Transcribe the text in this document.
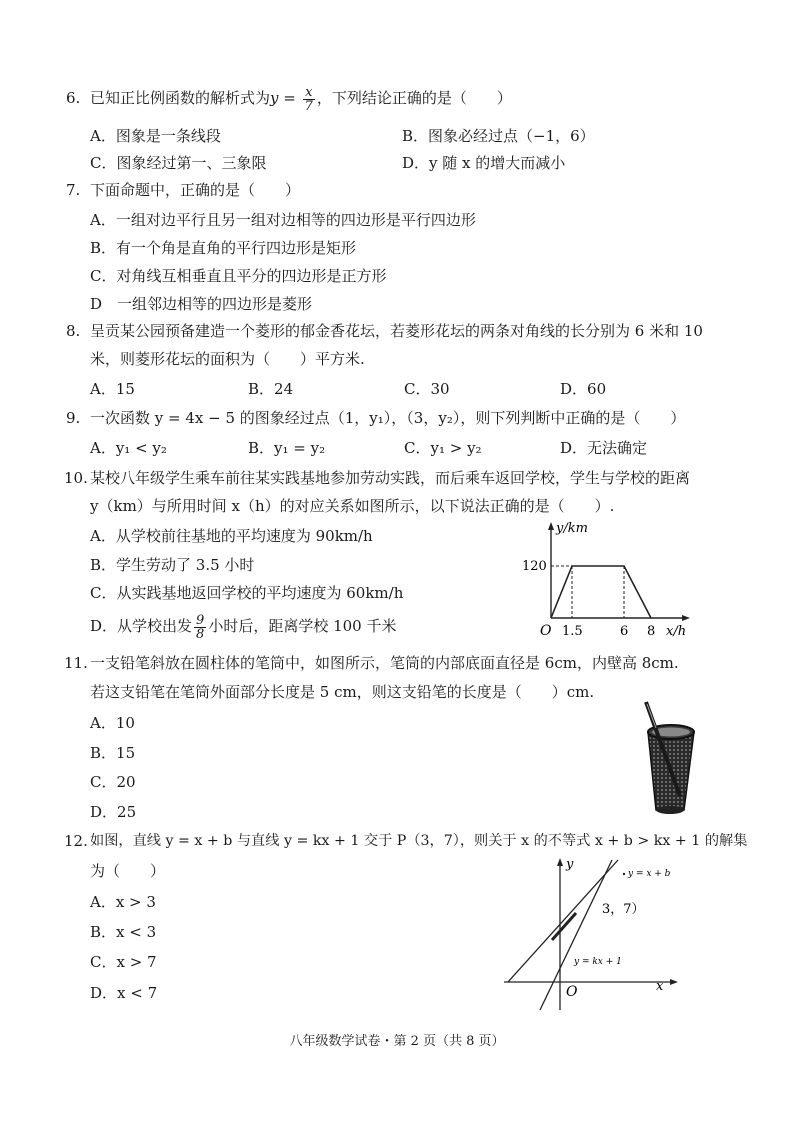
6. 已知正比例函数的解析式为$y = \frac{x}{7}$ ，下列结论正确的是（　　）
A．图象是一条线段	B．图象必经过点（−1，6）
C．图象经过第一、三象限	D．y 随 x 的增大而减小
7. 下面命题中，正确的是（　　）
A．一组对边平行且另一组对边相等的四边形是平行四边形
B．有一个角是直角的平行四边形是矩形
C．对角线互相垂直且平分的四边形是正方形
D　一组邻边相等的四边形是菱形
8. 呈贡某公园预备建造一个菱形的郁金香花坛，若菱形花坛的两条对角线的长分别为 6 米和 10
米，则菱形花坛的面积为（　　）平方米.
A．15	B．24	C．30	D．60
9. 一次函数 y = 4x − 5 的图象经过点（1，y₁），（3，y₂），则下列判断中正确的是（　　）
A．y₁ < y₂	B．y₁ = y₂	C．y₁ > y₂	D．无法确定
10. 某校八年级学生乘车前往某实践基地参加劳动实践，而后乘车返回学校，学生与学校的距离
y（km）与所用时间 x（h）的对应关系如图所示，以下说法正确的是（　　）.
A．从学校前往基地的平均速度为 90km/h
B．学生劳动了 3.5 小时
C．从实践基地返回学校的平均速度为 60km/h
D．从学校出发 $\frac{9}{8}$ 小时后，距离学校 100 千米
y/km
120
O 1.5	6 8 x/h
11. 一支铅笔斜放在圆柱体的笔筒中，如图所示，笔筒的内部底面直径是 6cm，内壁高 8cm.
若这支铅笔在笔筒外面部分长度是 5 cm，则这支铅笔的长度是（　　）cm.
A．10
B．15
C．20
D．25
12. 如图，直线 y = x + b 与直线 y = kx + 1 交于 P（3，7），则关于 x 的不等式 x + b > kx + 1 的解集
为（　　）
A．x > 3
B．x < 3
C．x > 7
D．x < 7
y
y = x + b
3，7）
y = kx + 1
O	x
八年级数学试卷・第 2 页（共 8 页）
